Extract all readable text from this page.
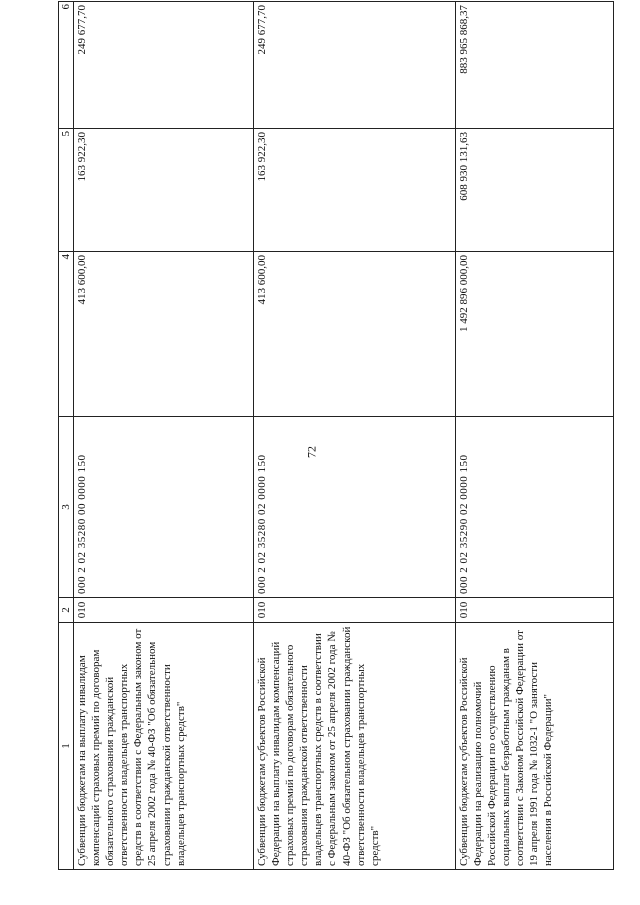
72
1	2	3	4	5	6
Субвенции бюджетам на выплату инвалидам компенсаций страховых премий по договорам обязательного страхования гражданской ответственности владельцев транспортных средств в соответствии с Федеральным законом от 25 апреля 2002 года № 40-ФЗ "Об обязательном страховании гражданской ответственности владельцев транспортных средств"	010	000 2 02 35280 00 0000 150	413 600,00	163 922,30	249 677,70
Субвенции бюджетам субъектов Российской Федерации на выплату инвалидам компенсаций страховых премий по договорам обязательного страхования гражданской ответственности владельцев транспортных средств в соответствии с Федеральным законом от 25 апреля 2002 года № 40-ФЗ "Об обязательном страховании гражданской ответственности владельцев транспортных средств"	010	000 2 02 35280 02 0000 150	413 600,00	163 922,30	249 677,70
Субвенции бюджетам субъектов Российской Федерации на реализацию полномочий Российской Федерации по осуществлению социальных выплат безработным гражданам в соответствии с Законом Российской Федерации от 19 апреля 1991 года № 1032-1 "О занятости населения в Российской Федерации"	010	000 2 02 35290 02 0000 150	1 492 896 000,00	608 930 131,63	883 965 868,37
